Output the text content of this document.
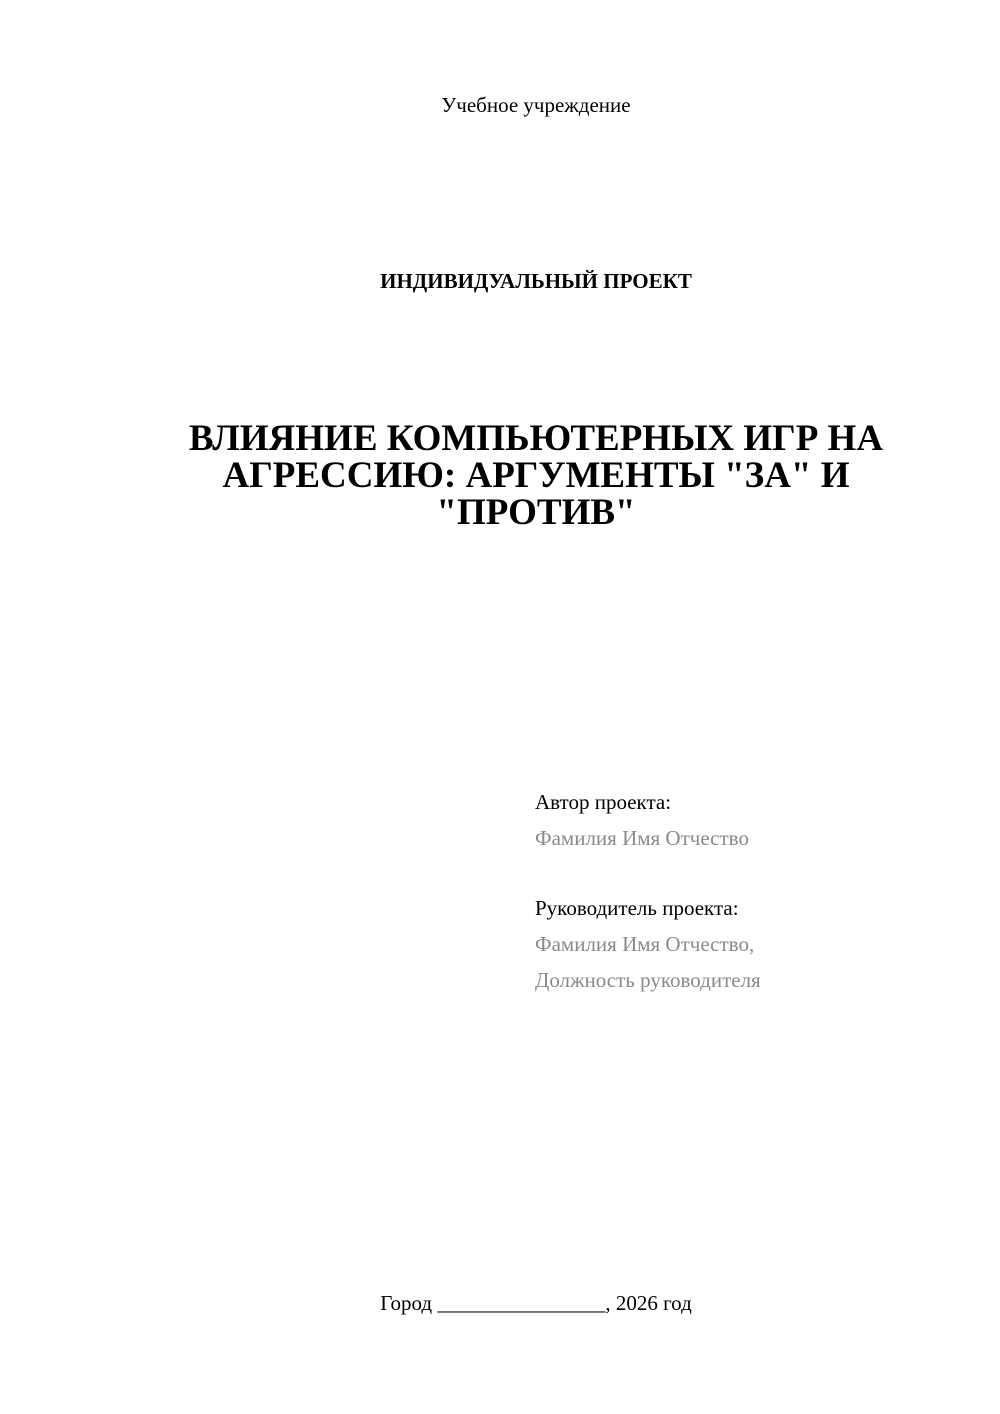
Учебное учреждение
ИНДИВИДУАЛЬНЫЙ ПРОЕКТ
ВЛИЯНИЕ КОМПЬЮТЕРНЫХ ИГР НА
АГРЕССИЮ: АРГУМЕНТЫ "ЗА" И
"ПРОТИВ"
Автор проекта:
Фамилия Имя Отчество
Руководитель проекта:
Фамилия Имя Отчество,
Должность руководителя
Город ________________, 2026 год
